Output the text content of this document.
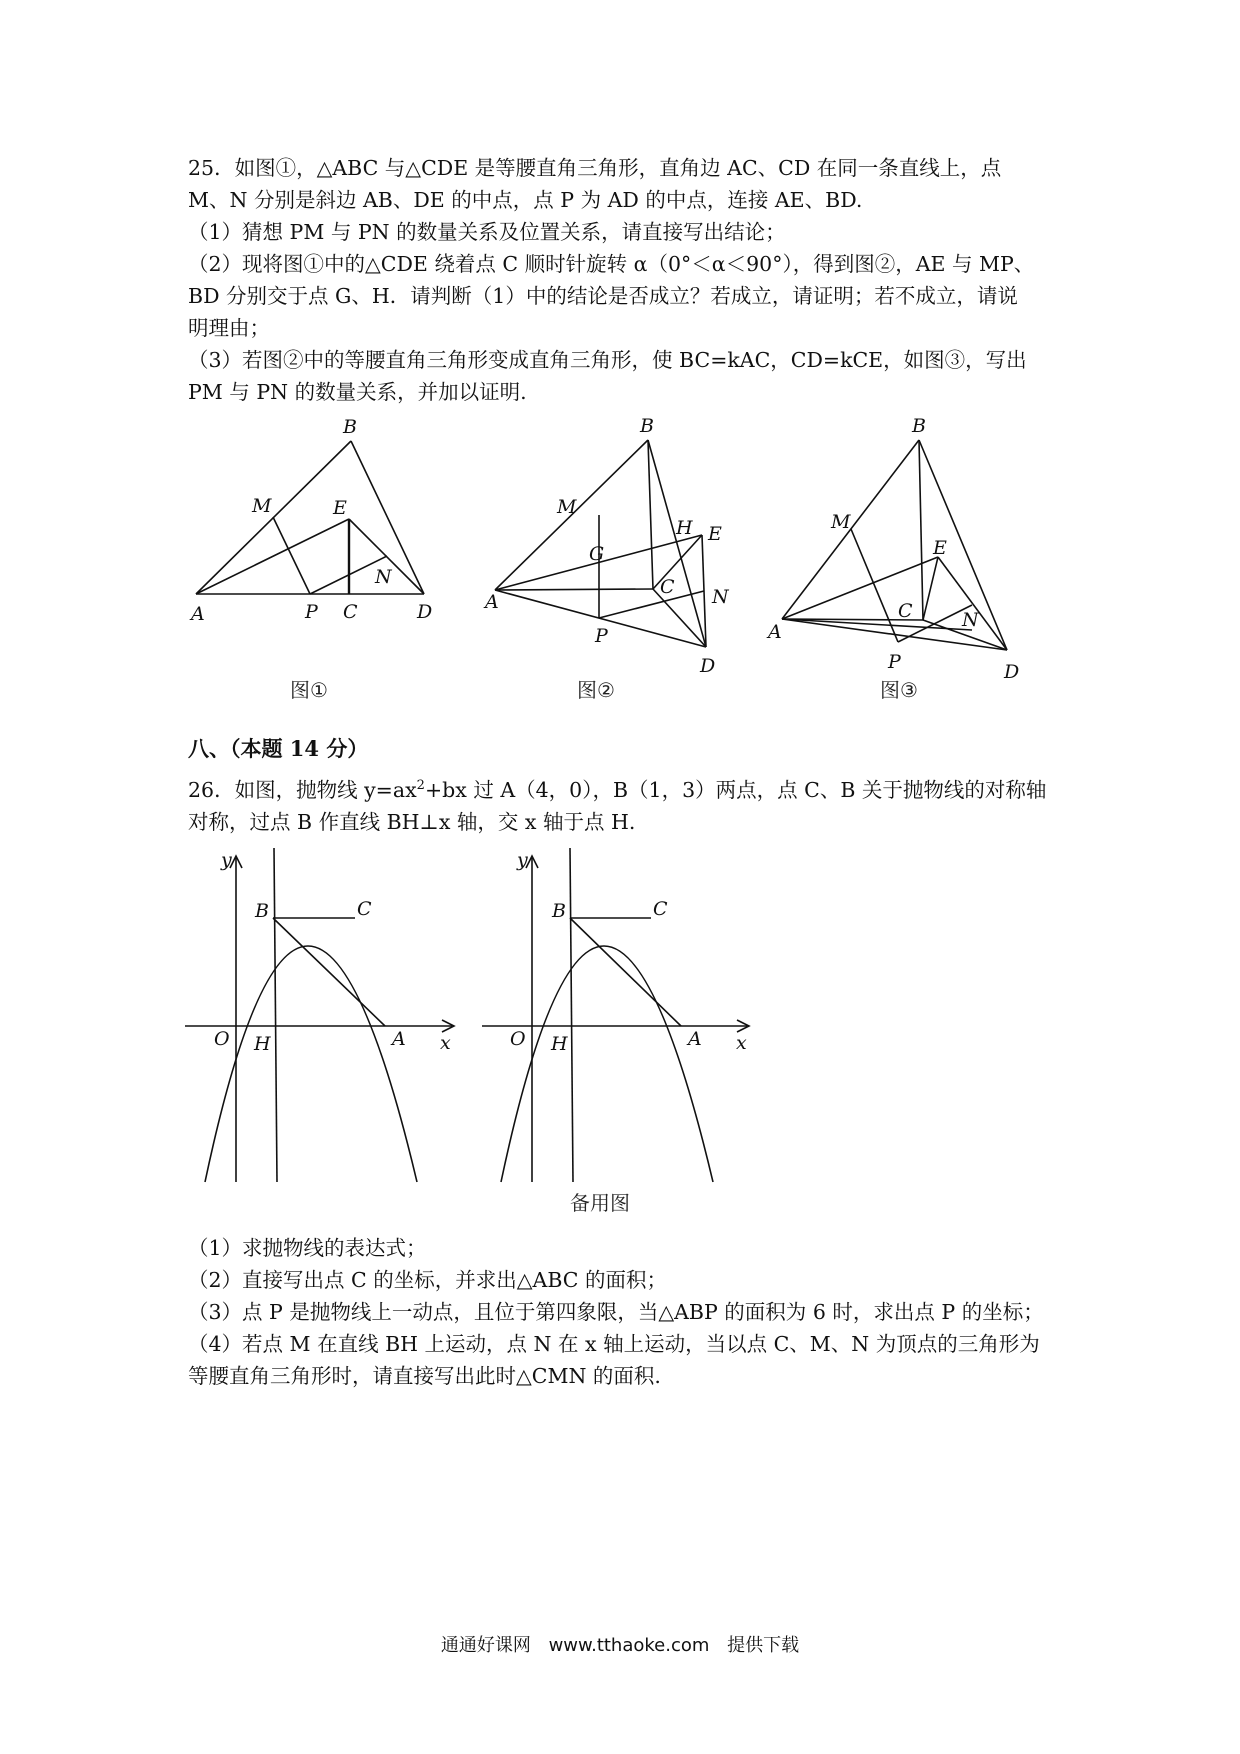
25．如图①，△ABC 与△CDE 是等腰直角三角形，直角边 AC、CD 在同一条直线上，点
M、N 分别是斜边 AB、DE 的中点，点 P 为 AD 的中点，连接 AE、BD.
（1）猜想 PM 与 PN 的数量关系及位置关系，请直接写出结论；
（2）现将图①中的△CDE 绕着点 C 顺时针旋转 α（0°＜α＜90°），得到图②，AE 与 MP、
BD 分别交于点 G、H．请判断（1）中的结论是否成立？若成立，请证明；若不成立，请说
明理由；
（3）若图②中的等腰直角三角形变成直角三角形，使 BC=kAC，CD=kCE，如图③，写出
PM 与 PN 的数量关系，并加以证明.
B
M	E
N
A	P C	D
图①
B
M
H E
G
C N
A
P
D
图②
B
M
E
C	N
A
P	D
图③

八、（本题 14 分）

26．如图，抛物线 $y=ax^2+bx$ 过 A（4，0），B（1，3）两点，点 C、B 关于抛物线的对称轴
对称，过点 B 作直线 BH⊥x 轴，交 x 轴于点 H.
y
x
O H	A
B	C
y
x
O H	A
B	C
备用图
（1）求抛物线的表达式；
（2）直接写出点 C 的坐标，并求出△ABC 的面积；
（3）点 P 是抛物线上一动点，且位于第四象限，当△ABP 的面积为 6 时，求出点 P 的坐标；
（4）若点 M 在直线 BH 上运动，点 N 在 x 轴上运动，当以点 C、M、N 为顶点的三角形为
等腰直角三角形时，请直接写出此时△CMN 的面积.
通通好课网 www.tthaoke.com 提供下载
